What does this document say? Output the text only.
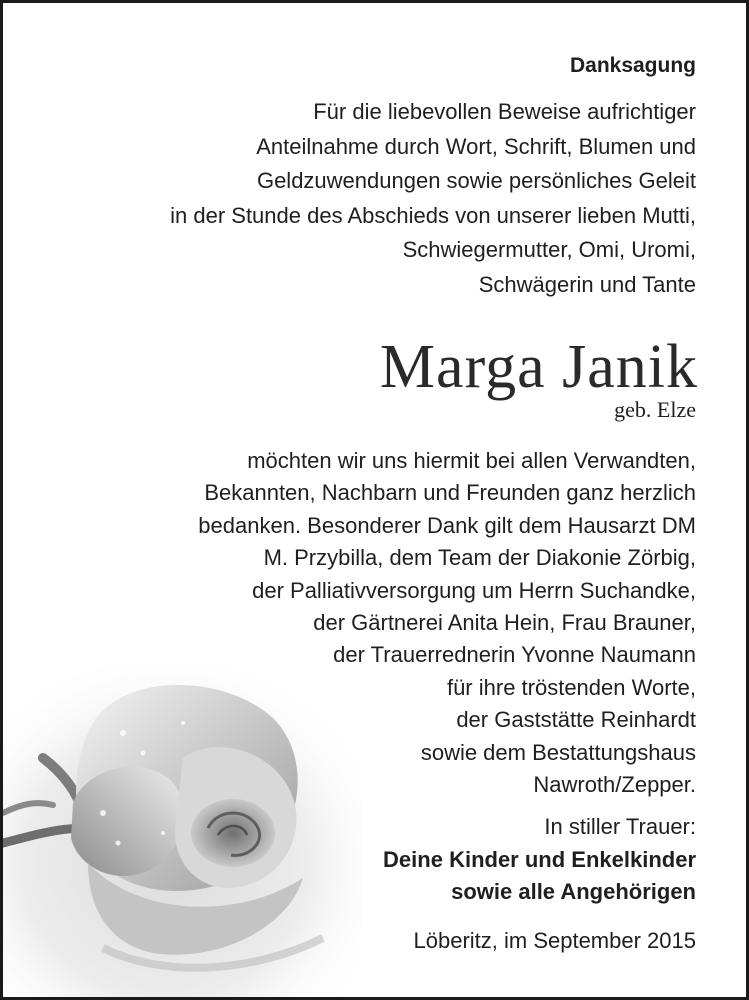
Danksagung
Für die liebevollen Beweise aufrichtiger
Anteilnahme durch Wort, Schrift, Blumen und
Geldzuwendungen sowie persönliches Geleit
in der Stunde des Abschieds von unserer lieben Mutti,
Schwiegermutter, Omi, Uromi,
Schwägerin und Tante
Marga Janik
geb. Elze
möchten wir uns hiermit bei allen Verwandten,
Bekannten, Nachbarn und Freunden ganz herzlich
bedanken. Besonderer Dank gilt dem Hausarzt DM
M. Przybilla, dem Team der Diakonie Zörbig,
der Palliativversorgung um Herrn Suchandke,
der Gärtnerei Anita Hein, Frau Brauner,
der Trauerrednerin Yvonne Naumann
für ihre tröstenden Worte,
der Gaststätte Reinhardt
sowie dem Bestattungshaus
Nawroth/Zepper.
In stiller Trauer:
Deine Kinder und Enkelkinder
sowie alle Angehörigen
Löberitz, im September 2015
